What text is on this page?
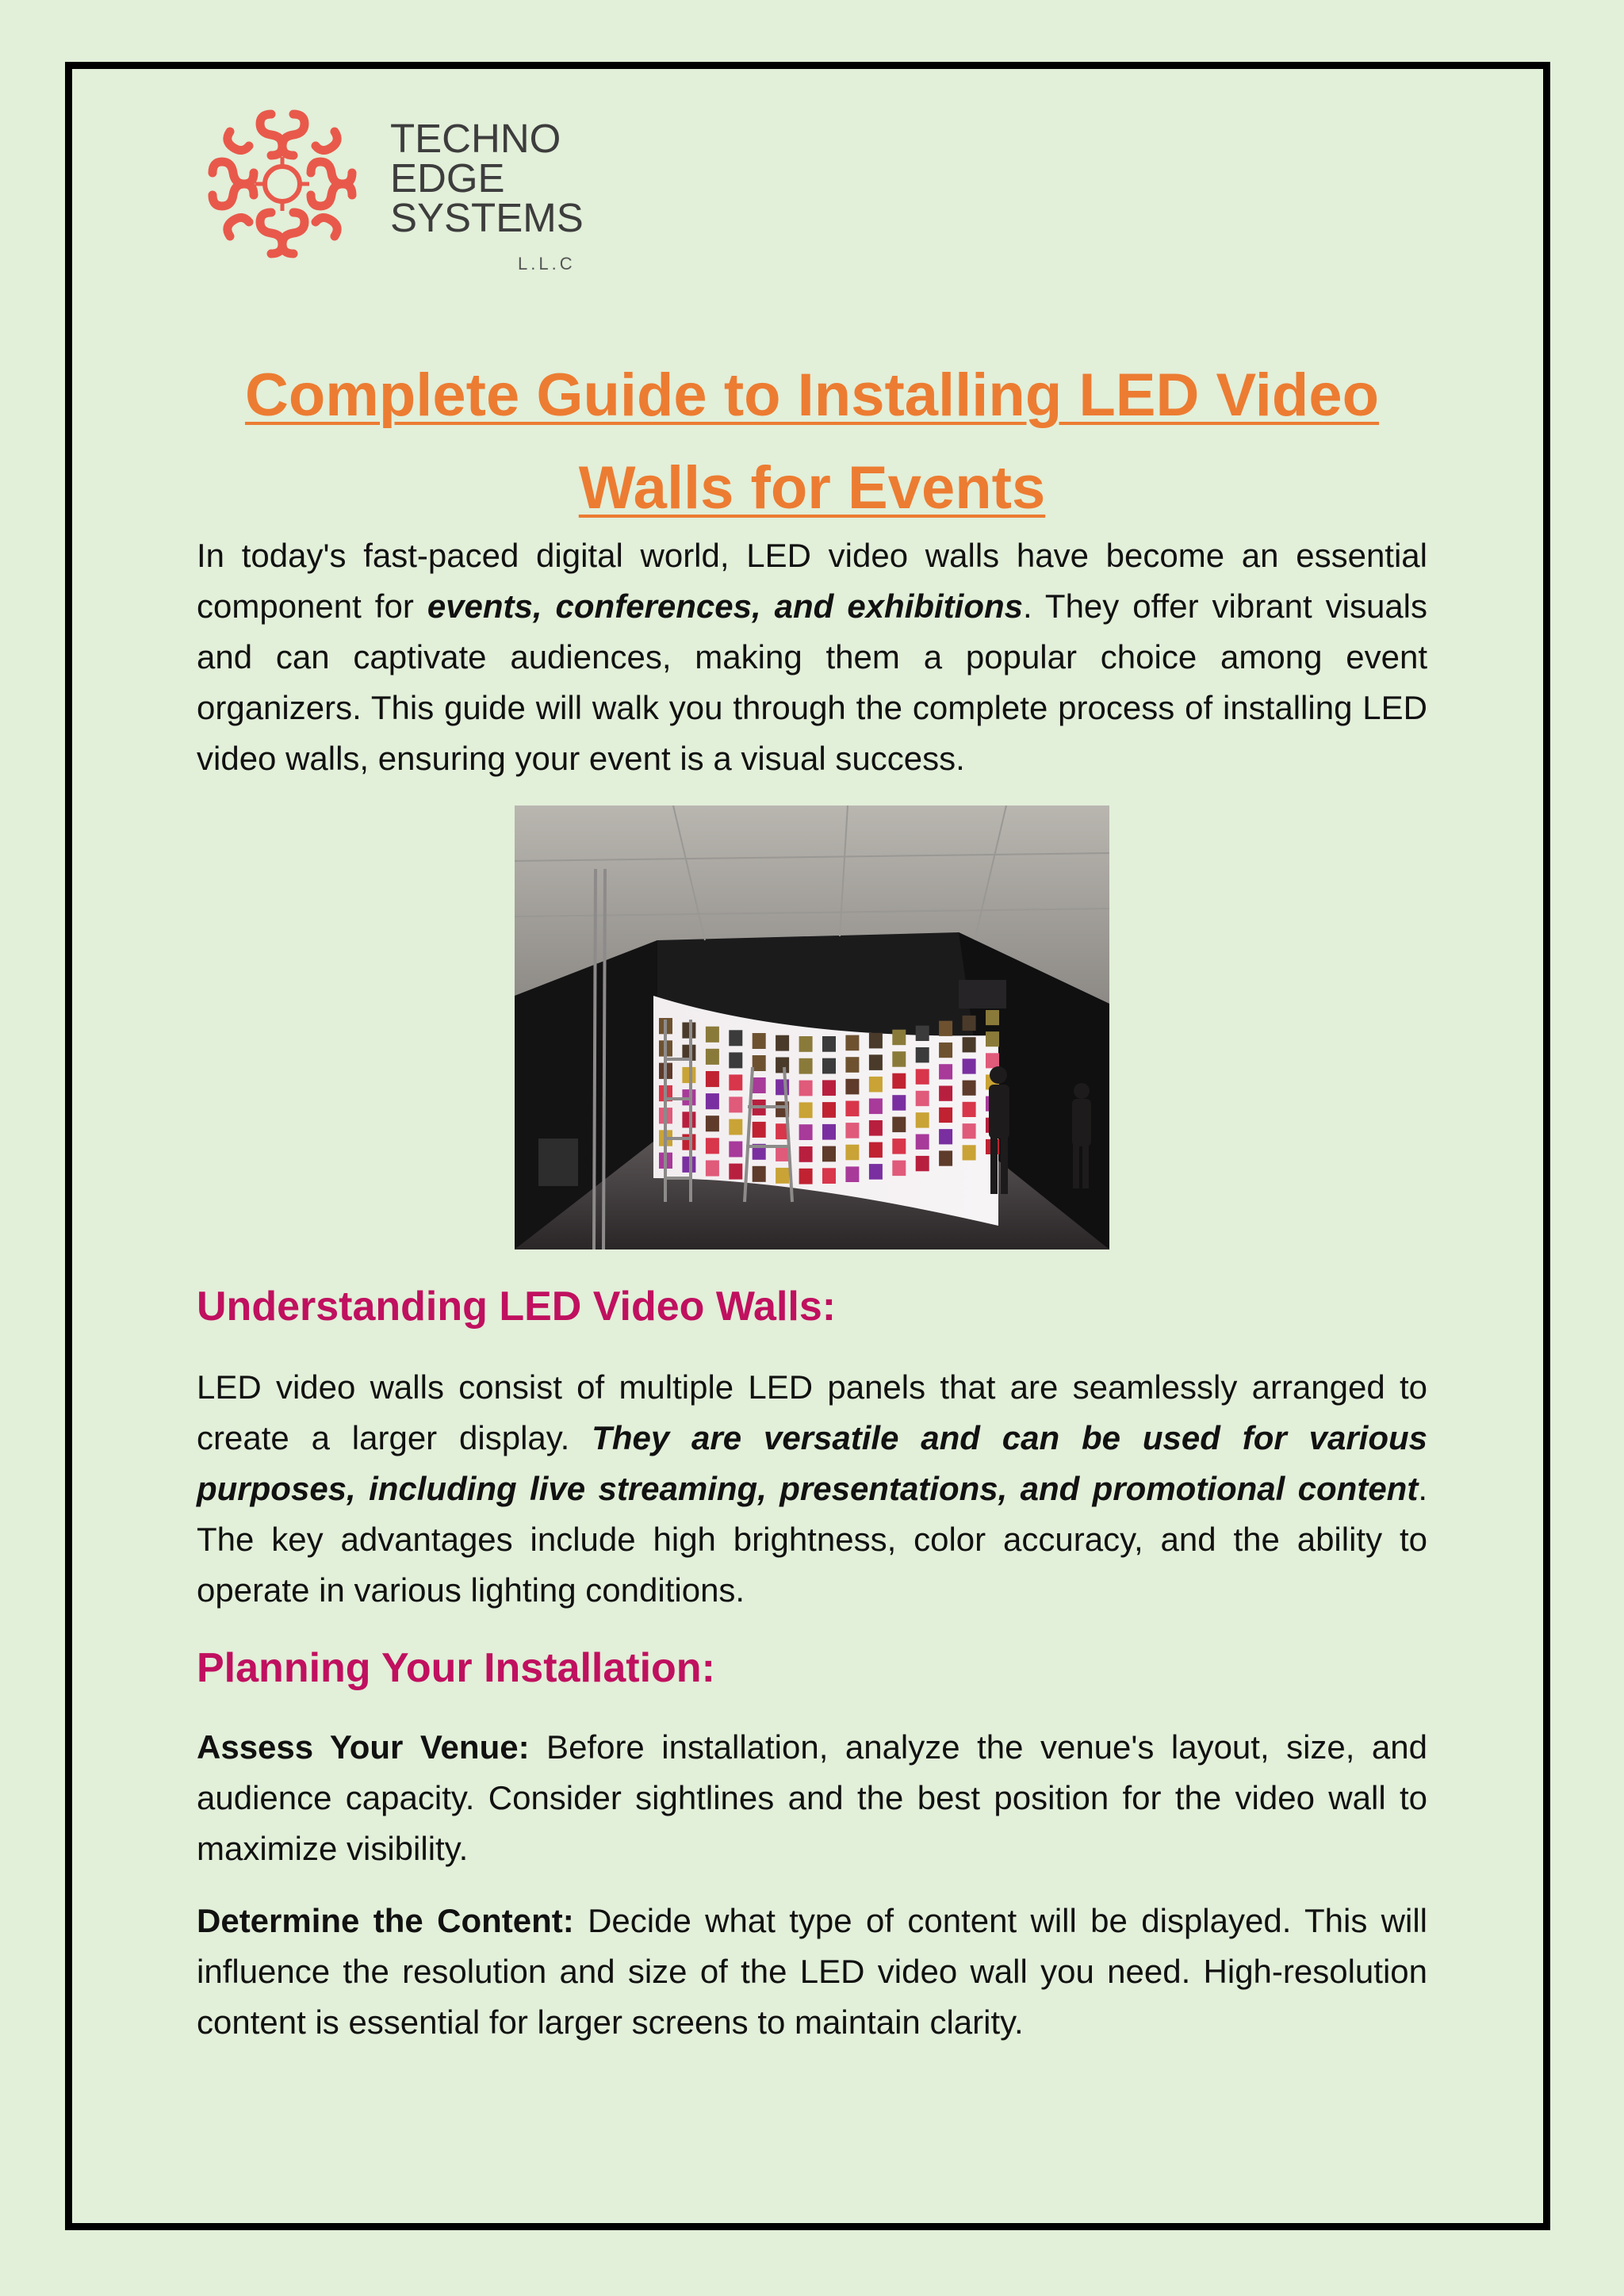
TECHNO
EDGE
SYSTEMS
L.L.C
Complete Guide to Installing LED Video Walls for Events
In today's fast-paced digital world, LED video walls have become an essential component for events, conferences, and exhibitions. They offer vibrant visuals and can captivate audiences, making them a popular choice among event organizers. This guide will walk you through the complete process of installing LED video walls, ensuring your event is a visual success.
Understanding LED Video Walls:
LED video walls consist of multiple LED panels that are seamlessly arranged to create a larger display. They are versatile and can be used for various purposes, including live streaming, presentations, and promotional content. The key advantages include high brightness, color accuracy, and the ability to operate in various lighting conditions.
Planning Your Installation:
Assess Your Venue: Before installation, analyze the venue's layout, size, and audience capacity. Consider sightlines and the best position for the video wall to maximize visibility.
Determine the Content: Decide what type of content will be displayed. This will influence the resolution and size of the LED video wall you need. High-resolution content is essential for larger screens to maintain clarity.
